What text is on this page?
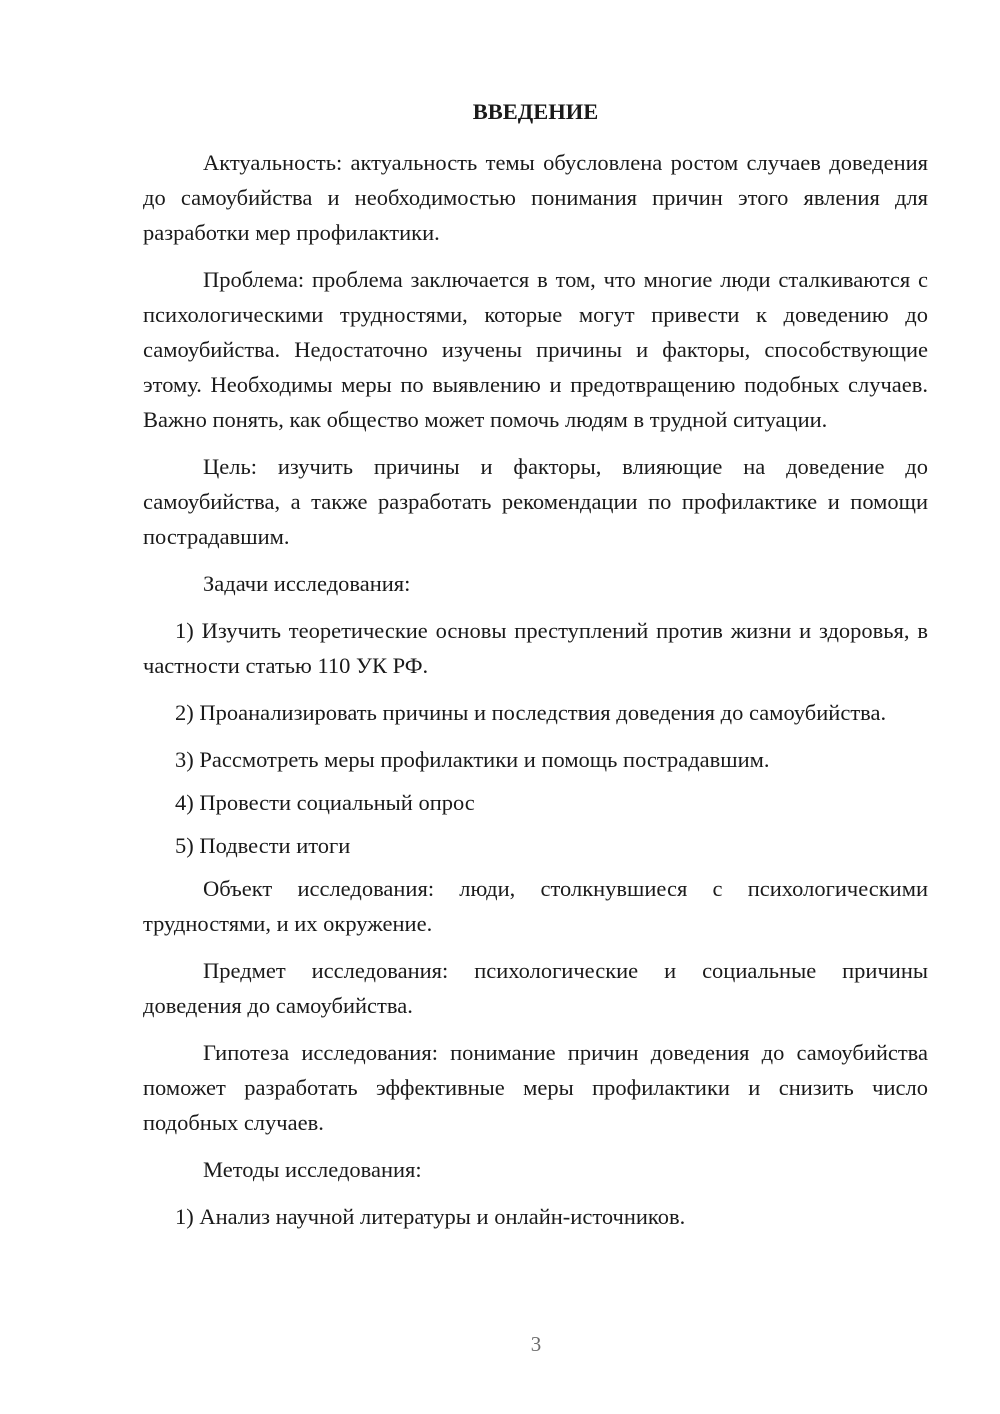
ВВЕДЕНИЕ

Актуальность: актуальность темы обусловлена ростом случаев доведения до самоубийства и необходимостью понимания причин этого явления для разработки мер профилактики.

Проблема: проблема заключается в том, что многие люди сталкиваются с психологическими трудностями, которые могут привести к доведению до самоубийства. Недостаточно изучены причины и факторы, способствующие этому. Необходимы меры по выявлению и предотвращению подобных случаев. Важно понять, как общество может помочь людям в трудной ситуации.

Цель: изучить причины и факторы, влияющие на доведение до самоубийства, а также разработать рекомендации по профилактике и помощи пострадавшим.

Задачи исследования:

1) Изучить теоретические основы преступлений против жизни и здоровья, в частности статью 110 УК РФ.

2) Проанализировать причины и последствия доведения до самоубийства.

3) Рассмотреть меры профилактики и помощь пострадавшим.

4) Провести социальный опрос

5) Подвести итоги

Объект исследования: люди, столкнувшиеся с психологическими трудностями, и их окружение.

Предмет исследования: психологические и социальные причины доведения до самоубийства.

Гипотеза исследования: понимание причин доведения до самоубийства поможет разработать эффективные меры профилактики и снизить число подобных случаев.

Методы исследования:

1) Анализ научной литературы и онлайн-источников.

3
